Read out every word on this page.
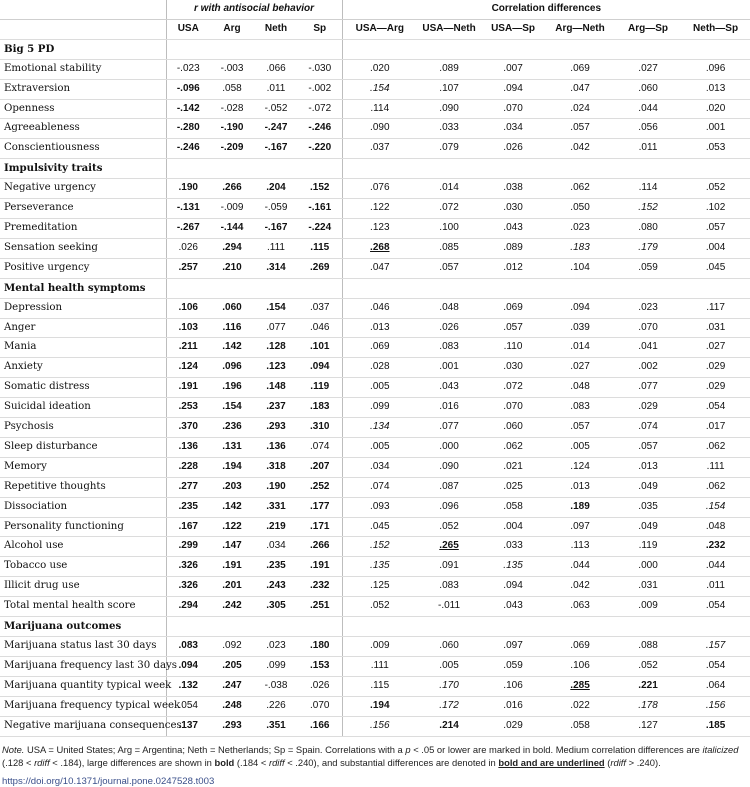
	r with antisocial behavior				Correlation differences					
	USA	Arg	Neth	Sp	USA—Arg	USA—Neth	USA—Sp	Arg—Neth	Arg—Sp	Neth—Sp
Big 5 PD										
Emotional stability	-.023	-.003	.066	-.030	.020	.089	.007	.069	.027	.096
Extraversion	-.096	.058	.011	-.002	.154	.107	.094	.047	.060	.013
Openness	-.142	-.028	-.052	-.072	.114	.090	.070	.024	.044	.020
Agreeableness	-.280	-.190	-.247	-.246	.090	.033	.034	.057	.056	.001
Conscientiousness	-.246	-.209	-.167	-.220	.037	.079	.026	.042	.011	.053
Impulsivity traits										
Negative urgency	.190	.266	.204	.152	.076	.014	.038	.062	.114	.052
Perseverance	-.131	-.009	-.059	-.161	.122	.072	.030	.050	.152	.102
Premeditation	-.267	-.144	-.167	-.224	.123	.100	.043	.023	.080	.057
Sensation seeking	.026	.294	.111	.115	.268	.085	.089	.183	.179	.004
Positive urgency	.257	.210	.314	.269	.047	.057	.012	.104	.059	.045
Mental health symptoms										
Depression	.106	.060	.154	.037	.046	.048	.069	.094	.023	.117
Anger	.103	.116	.077	.046	.013	.026	.057	.039	.070	.031
Mania	.211	.142	.128	.101	.069	.083	.110	.014	.041	.027
Anxiety	.124	.096	.123	.094	.028	.001	.030	.027	.002	.029
Somatic distress	.191	.196	.148	.119	.005	.043	.072	.048	.077	.029
Suicidal ideation	.253	.154	.237	.183	.099	.016	.070	.083	.029	.054
Psychosis	.370	.236	.293	.310	.134	.077	.060	.057	.074	.017
Sleep disturbance	.136	.131	.136	.074	.005	.000	.062	.005	.057	.062
Memory	.228	.194	.318	.207	.034	.090	.021	.124	.013	.111
Repetitive thoughts	.277	.203	.190	.252	.074	.087	.025	.013	.049	.062
Dissociation	.235	.142	.331	.177	.093	.096	.058	.189	.035	.154
Personality functioning	.167	.122	.219	.171	.045	.052	.004	.097	.049	.048
Alcohol use	.299	.147	.034	.266	.152	.265	.033	.113	.119	.232
Tobacco use	.326	.191	.235	.191	.135	.091	.135	.044	.000	.044
Illicit drug use	.326	.201	.243	.232	.125	.083	.094	.042	.031	.011
Total mental health score	.294	.242	.305	.251	.052	-.011	.043	.063	.009	.054
Marijuana outcomes										
Marijuana status last 30 days	.083	.092	.023	.180	.009	.060	.097	.069	.088	.157
Marijuana frequency last 30 days	.094	.205	.099	.153	.111	.005	.059	.106	.052	.054
Marijuana quantity typical week	.132	.247	-.038	.026	.115	.170	.106	.285	.221	.064
Marijuana frequency typical week	.054	.248	.226	.070	.194	.172	.016	.022	.178	.156
Negative marijuana consequences	.137	.293	.351	.166	.156	.214	.029	.058	.127	.185
Note. USA = United States; Arg = Argentina; Neth = Netherlands; Sp = Spain. Correlations with a p < .05 or lower are marked in bold. Medium correlation differences are italicized (.128 < rdiff < .184), large differences are shown in bold (.184 < rdiff < .240), and substantial differences are denoted in bold and are underlined (rdiff > .240).
https://doi.org/10.1371/journal.pone.0247528.t003
